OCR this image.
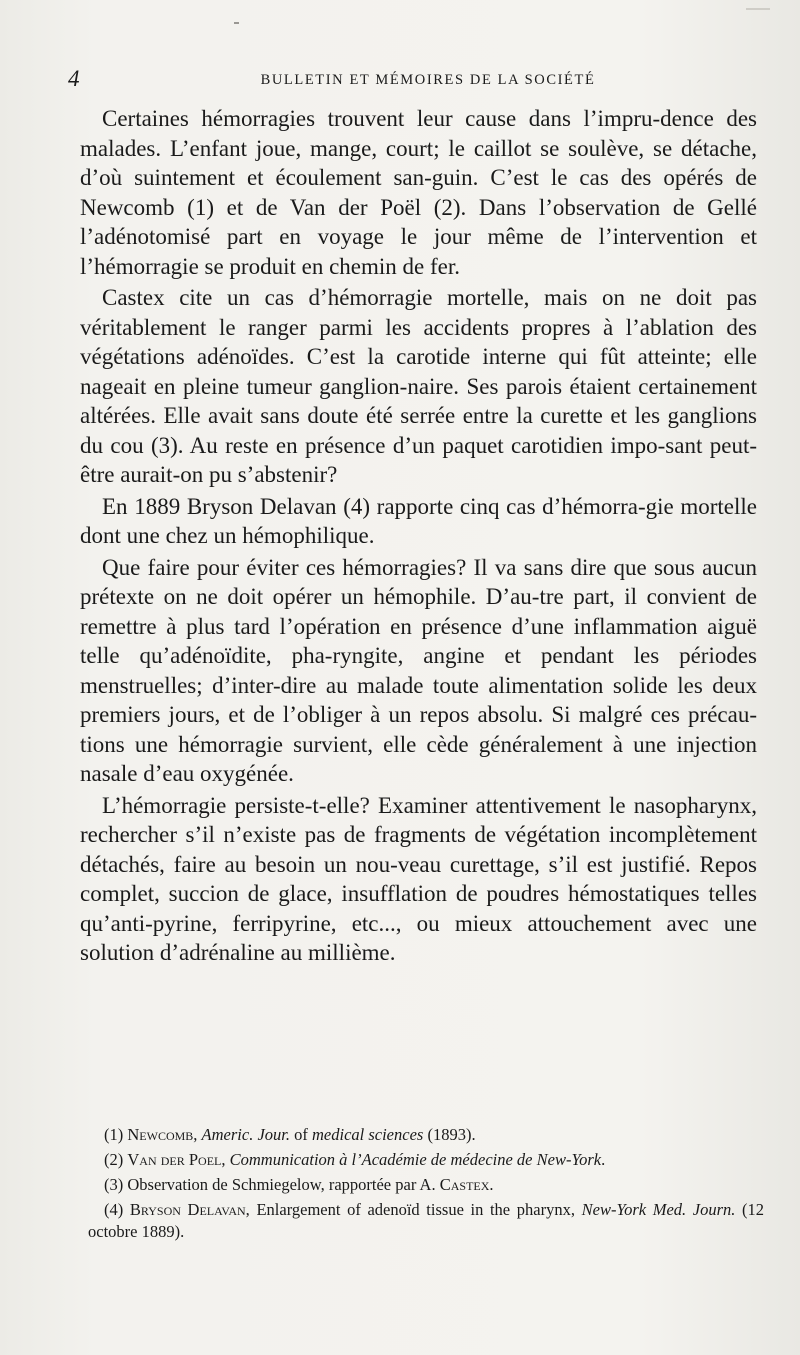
4	BULLETIN ET MÉMOIRES DE LA SOCIÉTÉ

Certaines hémorragies trouvent leur cause dans l’impru-dence des malades. L’enfant joue, mange, court; le caillot se soulève, se détache, d’où suintement et écoulement san-guin. C’est le cas des opérés de Newcomb (1) et de Van der Poël (2). Dans l’observation de Gellé l’adénotomisé part en voyage le jour même de l’intervention et l’hémorragie se produit en chemin de fer.

Castex cite un cas d’hémorragie mortelle, mais on ne doit pas véritablement le ranger parmi les accidents propres à l’ablation des végétations adénoïdes. C’est la carotide interne qui fût atteinte; elle nageait en pleine tumeur ganglion-naire. Ses parois étaient certainement altérées. Elle avait sans doute été serrée entre la curette et les ganglions du cou (3). Au reste en présence d’un paquet carotidien impo-sant peut-être aurait-on pu s’abstenir?

En 1889 Bryson Delavan (4) rapporte cinq cas d’hémorra-gie mortelle dont une chez un hémophilique.

Que faire pour éviter ces hémorragies? Il va sans dire que sous aucun prétexte on ne doit opérer un hémophile. D’au-tre part, il convient de remettre à plus tard l’opération en présence d’une inflammation aiguë telle qu’adénoïdite, pha-ryngite, angine et pendant les périodes menstruelles; d’inter-dire au malade toute alimentation solide les deux premiers jours, et de l’obliger à un repos absolu. Si malgré ces précau-tions une hémorragie survient, elle cède généralement à une injection nasale d’eau oxygénée.

L’hémorragie persiste-t-elle? Examiner attentivement le nasopharynx, rechercher s’il n’existe pas de fragments de végétation incomplètement détachés, faire au besoin un nou-veau curettage, s’il est justifié. Repos complet, succion de glace, insufflation de poudres hémostatiques telles qu’anti-pyrine, ferripyrine, etc..., ou mieux attouchement avec une solution d’adrénaline au millième.

(1) Newcomb, Americ. Jour. of medical sciences (1893).

(2) Van der Poel, Communication à l’Académie de médecine de New-York.

(3) Observation de Schmiegelow, rapportée par A. Castex.

(4) Bryson Delavan, Enlargement of adenoïd tissue in the pharynx, New-York Med. Journ. (12 octobre 1889).
